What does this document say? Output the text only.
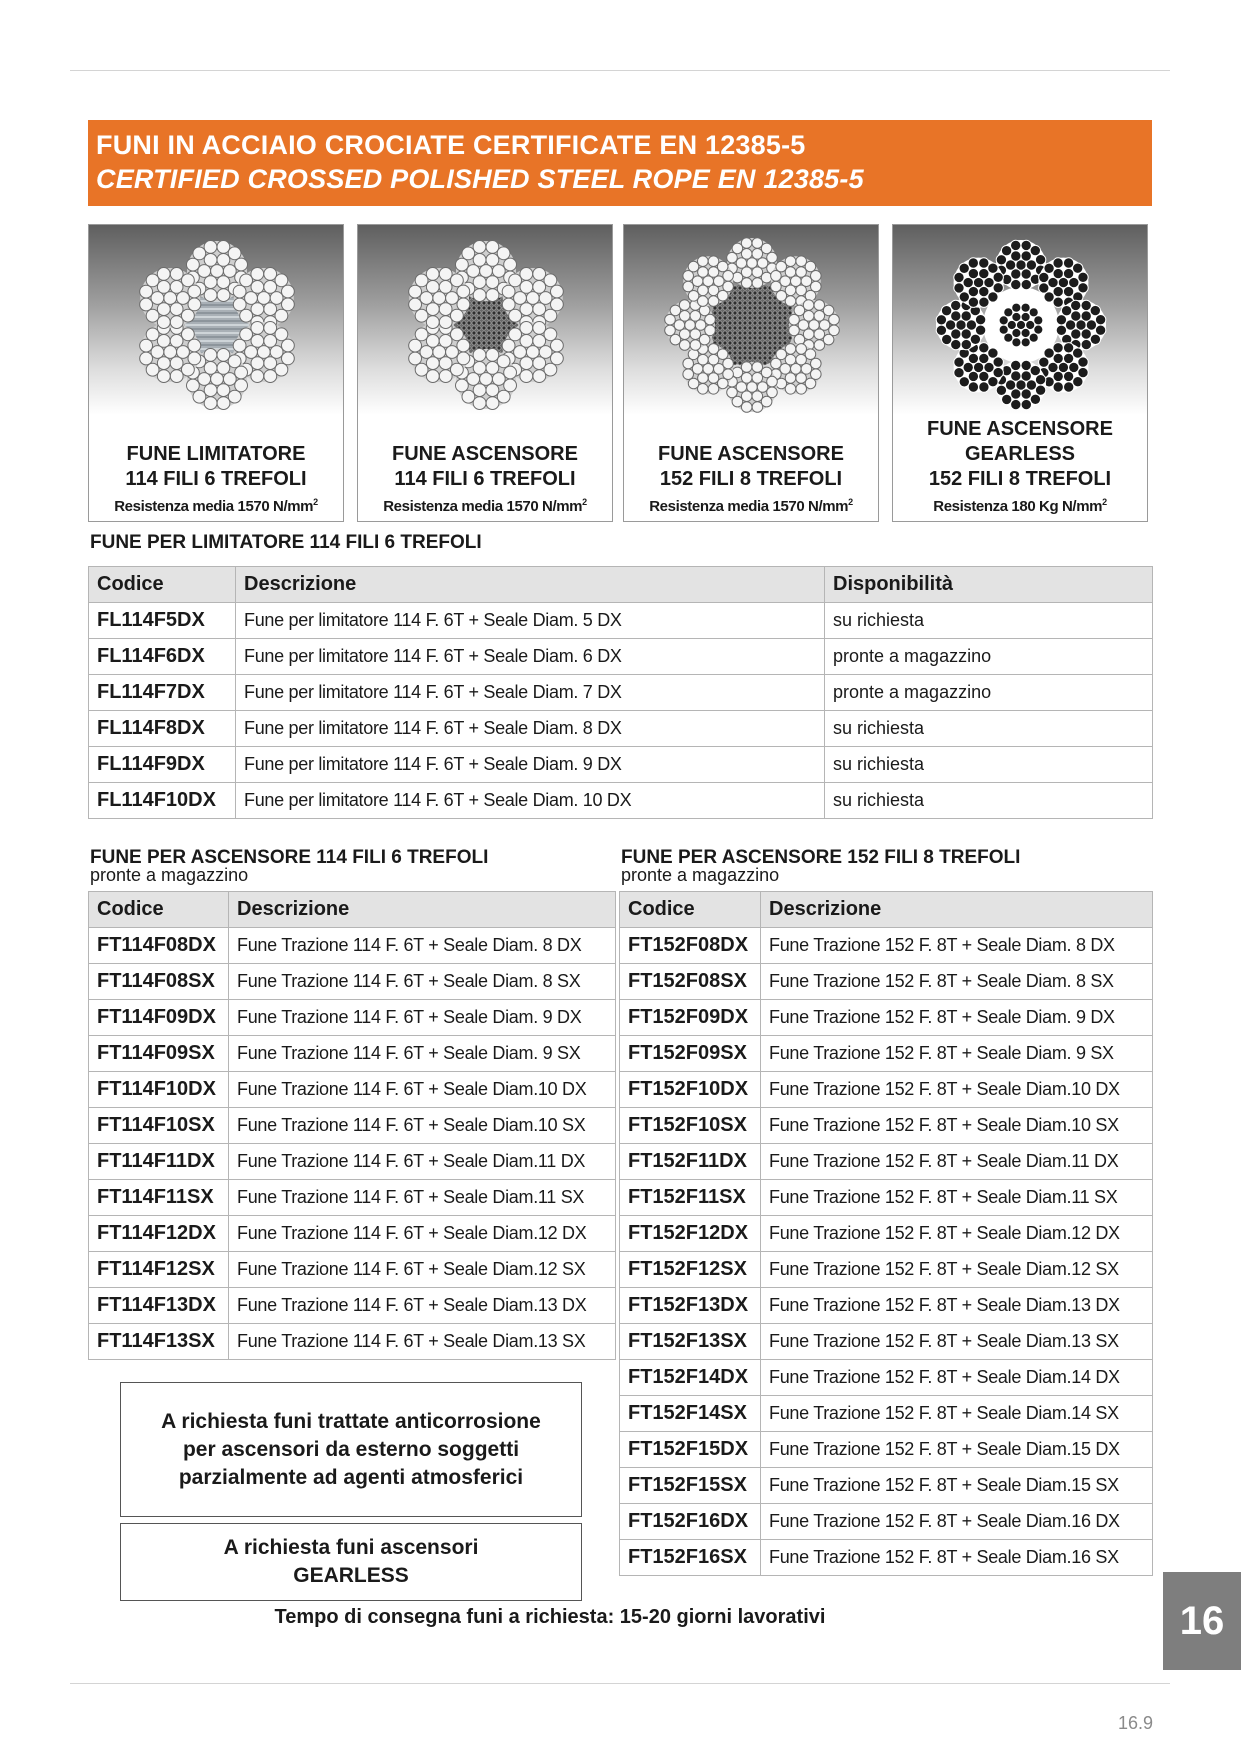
FUNI IN ACCIAIO CROCIATE CERTIFICATE EN 12385-5
CERTIFIED CROSSED POLISHED STEEL ROPE EN 12385-5
FUNE LIMITATORE
114 FILI 6 TREFOLI
Resistenza media 1570 $N/mm^2$
FUNE ASCENSORE
114 FILI 6 TREFOLI
Resistenza media 1570 $N/mm^2$
FUNE ASCENSORE
152 FILI 8 TREFOLI
Resistenza media 1570 $N/mm^2$
FUNE ASCENSORE
GEARLESS
152 FILI 8 TREFOLI
Resistenza 180 Kg $N/mm^2$
FUNE PER LIMITATORE 114 FILI 6 TREFOLI
Codice	Descrizione	Disponibilità
FL114F5DX	Fune per limitatore 114 F. 6T + Seale Diam. 5 DX	su richiesta
FL114F6DX	Fune per limitatore 114 F. 6T + Seale Diam. 6 DX	pronte a magazzino
FL114F7DX	Fune per limitatore 114 F. 6T + Seale Diam. 7 DX	pronte a magazzino
FL114F8DX	Fune per limitatore 114 F. 6T + Seale Diam. 8 DX	su richiesta
FL114F9DX	Fune per limitatore 114 F. 6T + Seale Diam. 9 DX	su richiesta
FL114F10DX	Fune per limitatore 114 F. 6T + Seale Diam. 10 DX	su richiesta
FUNE PER ASCENSORE 114 FILI 6 TREFOLI
pronte a magazzino
Codice	Descrizione
FT114F08DX	Fune Trazione 114 F. 6T + Seale Diam. 8 DX
FT114F08SX	Fune Trazione 114 F. 6T + Seale Diam. 8 SX
FT114F09DX	Fune Trazione 114 F. 6T + Seale Diam. 9 DX
FT114F09SX	Fune Trazione 114 F. 6T + Seale Diam. 9 SX
FT114F10DX	Fune Trazione 114 F. 6T + Seale Diam.10 DX
FT114F10SX	Fune Trazione 114 F. 6T + Seale Diam.10 SX
FT114F11DX	Fune Trazione 114 F. 6T + Seale Diam.11 DX
FT114F11SX	Fune Trazione 114 F. 6T + Seale Diam.11 SX
FT114F12DX	Fune Trazione 114 F. 6T + Seale Diam.12 DX
FT114F12SX	Fune Trazione 114 F. 6T + Seale Diam.12 SX
FT114F13DX	Fune Trazione 114 F. 6T + Seale Diam.13 DX
FT114F13SX	Fune Trazione 114 F. 6T + Seale Diam.13 SX
FUNE PER ASCENSORE 152 FILI 8 TREFOLI
pronte a magazzino
Codice	Descrizione
FT152F08DX	Fune Trazione 152 F. 8T + Seale Diam. 8 DX
FT152F08SX	Fune Trazione 152 F. 8T + Seale Diam. 8 SX
FT152F09DX	Fune Trazione 152 F. 8T + Seale Diam. 9 DX
FT152F09SX	Fune Trazione 152 F. 8T + Seale Diam. 9 SX
FT152F10DX	Fune Trazione 152 F. 8T + Seale Diam.10 DX
FT152F10SX	Fune Trazione 152 F. 8T + Seale Diam.10 SX
FT152F11DX	Fune Trazione 152 F. 8T + Seale Diam.11 DX
FT152F11SX	Fune Trazione 152 F. 8T + Seale Diam.11 SX
FT152F12DX	Fune Trazione 152 F. 8T + Seale Diam.12 DX
FT152F12SX	Fune Trazione 152 F. 8T + Seale Diam.12 SX
FT152F13DX	Fune Trazione 152 F. 8T + Seale Diam.13 DX
FT152F13SX	Fune Trazione 152 F. 8T + Seale Diam.13 SX
FT152F14DX	Fune Trazione 152 F. 8T + Seale Diam.14 DX
FT152F14SX	Fune Trazione 152 F. 8T + Seale Diam.14 SX
FT152F15DX	Fune Trazione 152 F. 8T + Seale Diam.15 DX
FT152F15SX	Fune Trazione 152 F. 8T + Seale Diam.15 SX
FT152F16DX	Fune Trazione 152 F. 8T + Seale Diam.16 DX
FT152F16SX	Fune Trazione 152 F. 8T + Seale Diam.16 SX
A richiesta funi trattate anticorrosione
per ascensori da esterno soggetti
parzialmente ad agenti atmosferici
A richiesta funi ascensori
GEARLESS
Tempo di consegna funi a richiesta: 15-20 giorni lavorativi	16
16.9
